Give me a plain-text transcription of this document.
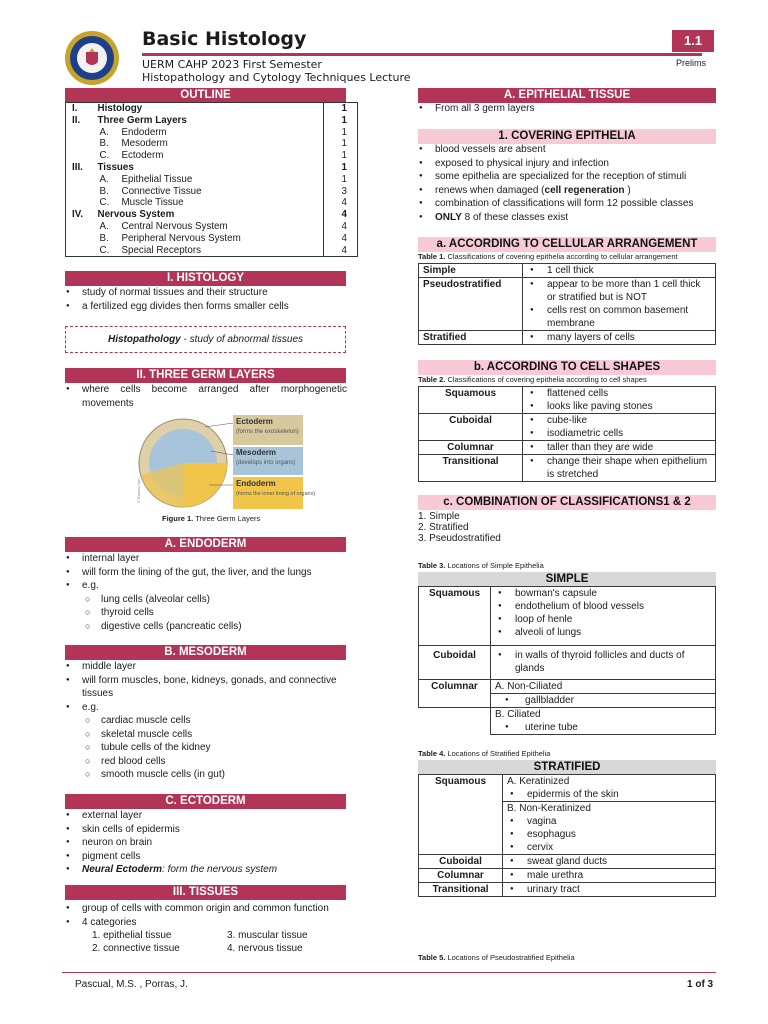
Basic Histology	1.1
UERM CAHP 2023 First Semester
Histopathology and Cytology Techniques Lecture
Prelims
OUTLINE
I.	Histology	1
II.	Three Germ Layers	1
	A. Endoderm	1
	B. Mesoderm	1
	C. Ectoderm	1
III.	Tissues	1
	A. Epithelial Tissue	1
	B. Connective Tissue	3
	C. Muscle Tissue	4
IV.	Nervous System	4
	A. Central Nervous System	4
	B. Peripheral Nervous System	4
	C. Special Receptors	4
I. HISTOLOGY
● study of normal tissues and their structure
● a fertilized egg divides then forms smaller cells
Histopathology - study of abnormal tissues
II. THREE GERM LAYERS
● where cells become arranged after morphogenetic movements
Ectoderm
(forms the exoskeleton)
Mesoderm
(develops into organs)
Endoderm
(forms the inner lining of organs)
© Basics.com
Figure 1. Three Germ Layers
A. ENDODERM
● internal layer
● will form the lining of the gut, the liver, and the lungs
● e.g.
○ lung cells (alveolar cells)
○ thyroid cells
○ digestive cells (pancreatic cells)
B. MESODERM
● middle layer
● will form muscles, bone, kidneys, gonads, and connective tissues
● e.g.
○ cardiac muscle cells
○ skeletal muscle cells
○ tubule cells of the kidney
○ red blood cells
○ smooth muscle cells (in gut)
C. ECTODERM
● external layer
● skin cells of epidermis
● neuron on brain
● pigment cells
● Neural Ectoderm: form the nervous system
III. TISSUES
● group of cells with common origin and common function
● 4 categories
1. epithelial tissue
2. connective tissue
3. muscular tissue
4. nervous tissue
A. EPITHELIAL TISSUE
● From all 3 germ layers
1. COVERING EPITHELIA
● blood vessels are absent
● exposed to physical injury and infection
● some epithelia are specialized for the reception of stimuli
● renews when damaged (cell regeneration )
● combination of classifications will form 12 possible classes
● ONLY 8 of these classes exist
a. ACCORDING TO CELLULAR ARRANGEMENT
Table 1. Classifications of covering epithelia according to cellular arrangement
Simple	● 1 cell thick

Pseudostratified	● appear to be more than 1 cell thick or stratified but is NOT
● cells rest on common basement membrane

Stratified	● many layers of cells
b. ACCORDING TO CELL SHAPES
Table 2. Classifications of covering epithelia according to cell shapes
Squamous	● flattened cells
● looks like paving stones

Cuboidal	● cube-like
● isodiametric cells

Columnar	● taller than they are wide

Transitional	● change their shape when epithelium is stretched
c. COMBINATION OF CLASSIFICATIONS1 & 2
1. Simple
2. Stratified
3. Pseudostratified
Table 3. Locations of Simple Epithelia
SIMPLE
Squamous	● bowman's capsule
● endothelium of blood vessels
● loop of henle
● alveoli of lungs

Cuboidal	● in walls of thyroid follicles and ducts of glands

Columnar	A. Non-Ciliated

	● gallbladder

	B. Ciliated
● uterine tube
Table 4. Locations of Stratified Epithelia
STRATIFIED
Squamous	A. Keratinized
● epidermis of the skin

	B. Non-Keratinized
● vagina
● esophagus
● cervix

Cuboidal	● sweat gland ducts

Columnar	● male urethra

Transitional	● urinary tract
Table 5. Locations of Pseudostratified Epithelia
Pascual, M.S. , Porras, J.	1 of 3
